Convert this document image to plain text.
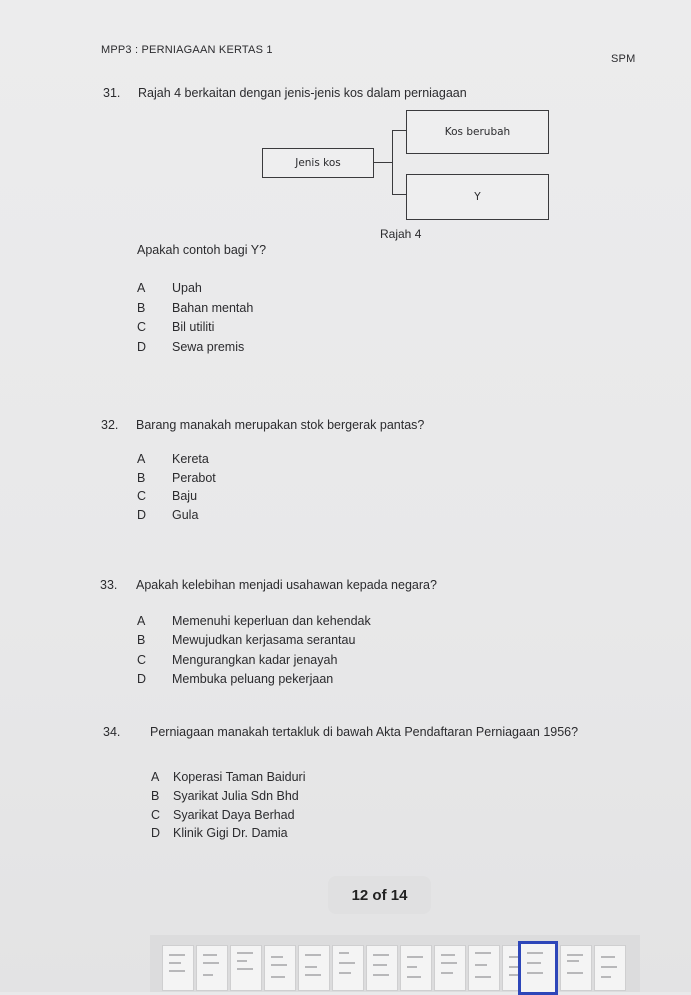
MPP3 : PERNIAGAAN KERTAS 1
SPM
31. Rajah 4 berkaitan dengan jenis-jenis kos dalam perniagaan
Jenis kos
Kos berubah
Y
Rajah 4
Apakah contoh bagi Y?
A	Upah
B	Bahan mentah
C	Bil utiliti
D	Sewa premis
32. Barang manakah merupakan stok bergerak pantas?
A	Kereta
B	Perabot
C	Baju
D	Gula
33. Apakah kelebihan menjadi usahawan kepada negara?
A	Memenuhi keperluan dan kehendak
B	Mewujudkan kerjasama serantau
C	Mengurangkan kadar jenayah
D	Membuka peluang pekerjaan
34. Perniagaan manakah tertakluk di bawah Akta Pendaftaran Perniagaan 1956?
A	Koperasi Taman Baiduri
B	Syarikat Julia Sdn Bhd
C	Syarikat Daya Berhad
D	Klinik Gigi Dr. Damia
12 of 14
